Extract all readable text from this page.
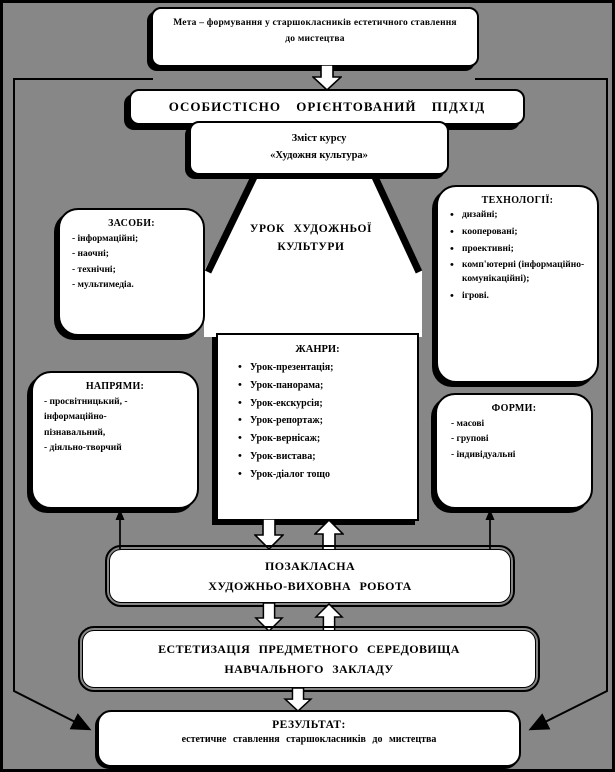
УРОК ХУДОЖНЬОЇ
КУЛЬТУРИ
Мета – формування у старшокласників естетичного ставлення до мистецтва
ОСОБИСТІСНО ОРІЄНТОВАНИЙ ПІДХІД
Зміст курсу
«Художня культура»
ЗАСОБИ:
- інформаційні;
- наочні;
- технічні;
- мультимедіа.
ТЕХНОЛОГІЇ:
• дизайні;
• кооперовані;
• проективні;
• комп'ютерні (інформаційно-комунікаційні);
• ігрові.
ЖАНРИ:
• Урок-презентація;
• Урок-панорама;
• Урок-екскурсія;
• Урок-репортаж;
• Урок-вернісаж;
• Урок-вистава;
• Урок-діалог тощо
НАПРЯМИ:
- просвітницький, -
інформаційно-
пізнавальний,
- діяльно-творчий
ФОРМИ:
- масові
- групові
- індивідуальні
ПОЗАКЛАСНА
ХУДОЖНЬО-ВИХОВНА РОБОТА
ЕСТЕТИЗАЦІЯ ПРЕДМЕТНОГО СЕРЕДОВИЩА
НАВЧАЛЬНОГО ЗАКЛАДУ
РЕЗУЛЬТАТ:
естетичне ставлення старшокласників до мистецтва
